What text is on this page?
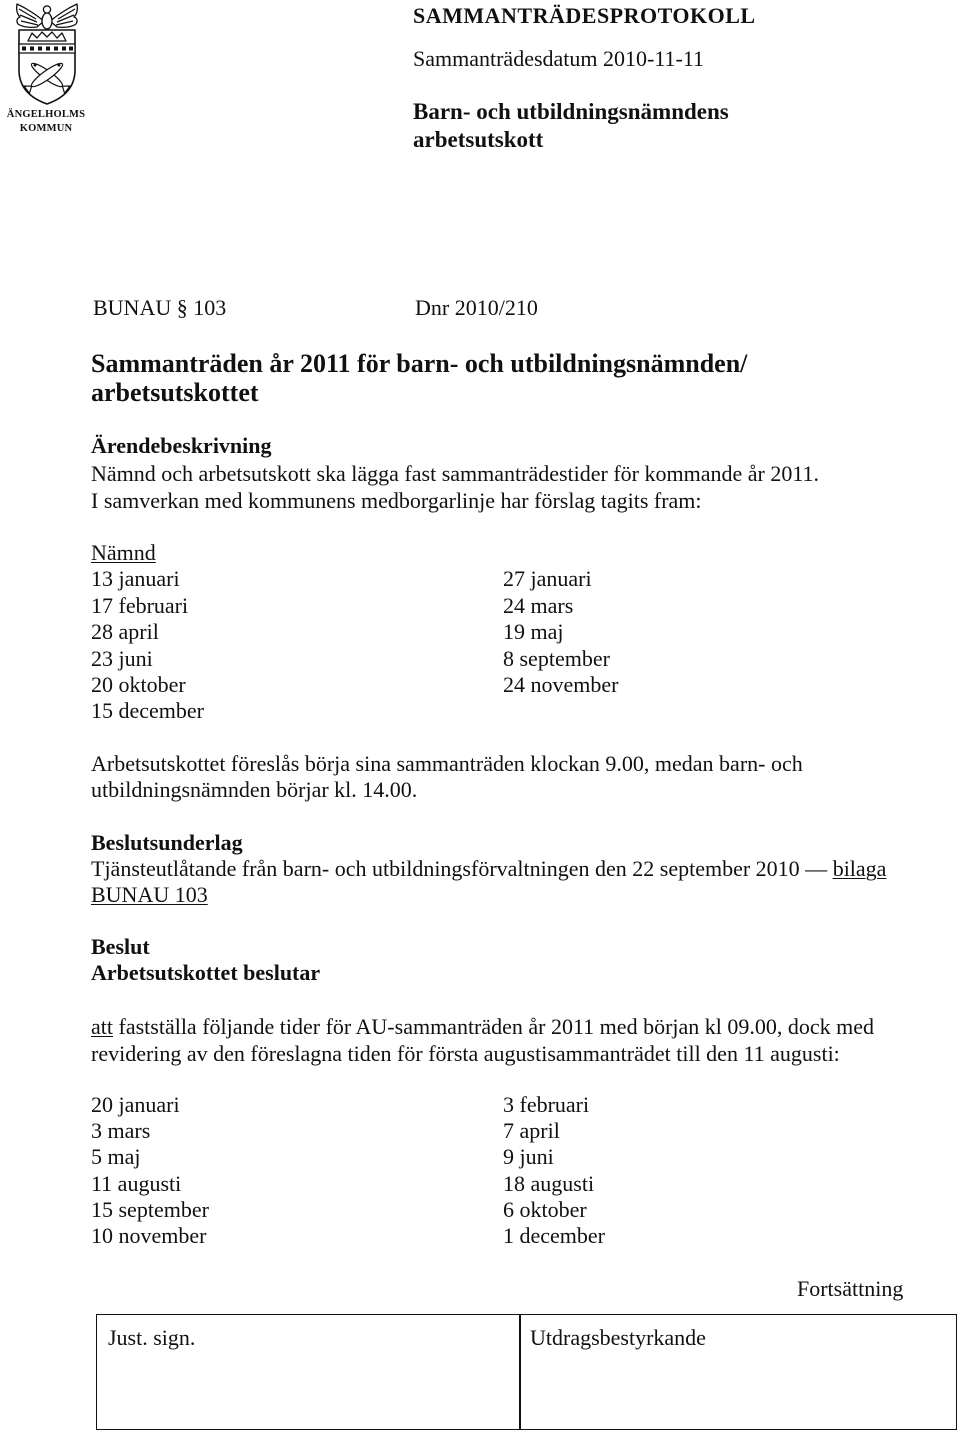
ÄNGELHOLMS
KOMMUN
SAMMANTRÄDESPROTOKOLL
Sammanträdesdatum 2010-11-11
Barn- och utbildningsnämndens
arbetsutskott
BUNAU § 103	Dnr 2010/210
Sammanträden år 2011 för barn- och utbildningsnämnden/
arbetsutskottet
Ärendebeskrivning
Nämnd och arbetsutskott ska lägga fast sammanträdestider för kommande år 2011.
I samverkan med kommunens medborgarlinje har förslag tagits fram:
Nämnd
13 januari	27 januari
17 februari	24 mars
28 april	19 maj
23 juni	8 september
20 oktober	24 november
15 december
Arbetsutskottet föreslås börja sina sammanträden klockan 9.00, medan barn- och
utbildningsnämnden börjar kl. 14.00.
Beslutsunderlag
Tjänsteutlåtande från barn- och utbildningsförvaltningen den 22 september 2010 — bilaga
BUNAU 103
Beslut
Arbetsutskottet beslutar
att fastställa följande tider för AU-sammanträden år 2011 med början kl 09.00, dock med
revidering av den föreslagna tiden för första augustisammanträdet till den 11 augusti:
20 januari	3 februari
3 mars	7 april
5 maj	9 juni
11 augusti	18 augusti
15 september	6 oktober
10 november	1 december
Fortsättning
Just. sign.	Utdragsbestyrkande
